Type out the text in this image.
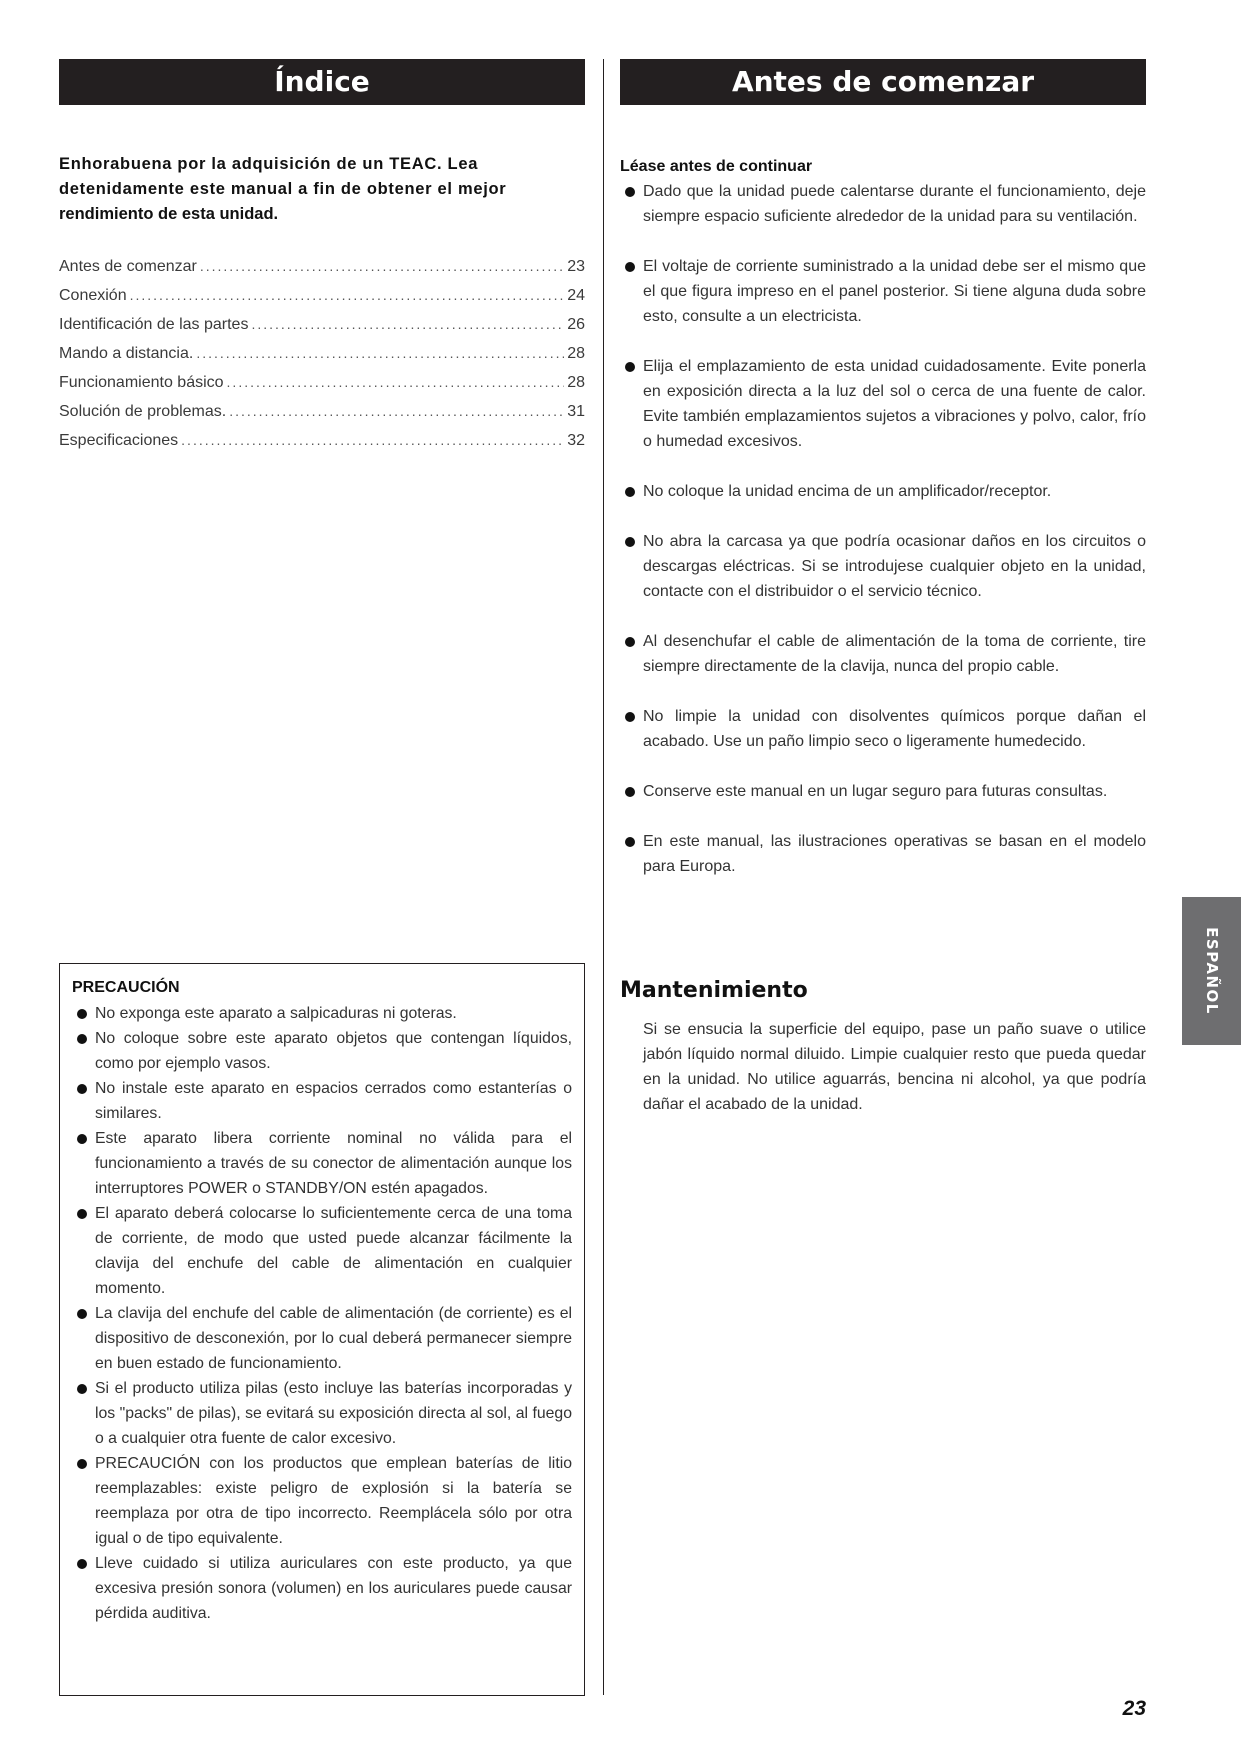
Índice	Antes de comenzar
Enhorabuena por la adquisición de un TEAC. Lea
detenidamente este manual a fin de obtener el mejor
rendimiento de esta unidad.
Antes de comenzar .....	23
Conexión .....	24
Identificación de las partes .....	26
Mando a distancia. .....	28
Funcionamiento básico .....	28
Solución de problemas. .....	31
Especificaciones .....	32
PRECAUCIÓN
No exponga este aparato a salpicaduras ni goteras.
No coloque sobre este aparato objetos que contengan líquidos, como por ejemplo vasos.
No instale este aparato en espacios cerrados como estanterías o similares.
Este aparato libera corriente nominal no válida para el funcionamiento a través de su conector de alimentación aunque los interruptores POWER o STANDBY/ON estén apagados.
El aparato deberá colocarse lo suficientemente cerca de una toma de corriente, de modo que usted puede alcanzar fácilmente la clavija del enchufe del cable de alimentación en cualquier momento.
La clavija del enchufe del cable de alimentación (de corriente) es el dispositivo de desconexión, por lo cual deberá permanecer siempre en buen estado de funcionamiento.
Si el producto utiliza pilas (esto incluye las baterías incorporadas y los "packs" de pilas), se evitará su exposición directa al sol, al fuego o a cualquier otra fuente de calor excesivo.
PRECAUCIÓN con los productos que emplean baterías de litio reemplazables: existe peligro de explosión si la batería se reemplaza por otra de tipo incorrecto. Reemplácela sólo por otra igual o de tipo equivalente.
Lleve cuidado si utiliza auriculares con este producto, ya que excesiva presión sonora (volumen) en los auriculares puede causar pérdida auditiva.
Léase antes de continuar
Dado que la unidad puede calentarse durante el funcionamiento, deje siempre espacio suficiente alrededor de la unidad para su ventilación.
El voltaje de corriente suministrado a la unidad debe ser el mismo que el que figura impreso en el panel posterior. Si tiene alguna duda sobre esto, consulte a un electricista.
Elija el emplazamiento de esta unidad cuidadosamente. Evite ponerla en exposición directa a la luz del sol o cerca de una fuente de calor. Evite también emplazamientos sujetos a vibraciones y polvo, calor, frío o humedad excesivos.
No coloque la unidad encima de un amplificador/receptor.
No abra la carcasa ya que podría ocasionar daños en los circuitos o descargas eléctricas. Si se introdujese cualquier objeto en la unidad, contacte con el distribuidor o el servicio técnico.
Al desenchufar el cable de alimentación de la toma de corriente, tire siempre directamente de la clavija, nunca del propio cable.
No limpie la unidad con disolventes químicos porque dañan el acabado. Use un paño limpio seco o ligeramente humedecido.
Conserve este manual en un lugar seguro para futuras consultas.
En este manual, las ilustraciones operativas se basan en el modelo para Europa.
Mantenimiento
Si se ensucia la superficie del equipo, pase un paño suave o utilice jabón líquido normal diluido. Limpie cualquier resto que pueda quedar en la unidad. No utilice aguarrás, bencina ni alcohol, ya que podría dañar el acabado de la unidad.
ESPAÑOL
23
